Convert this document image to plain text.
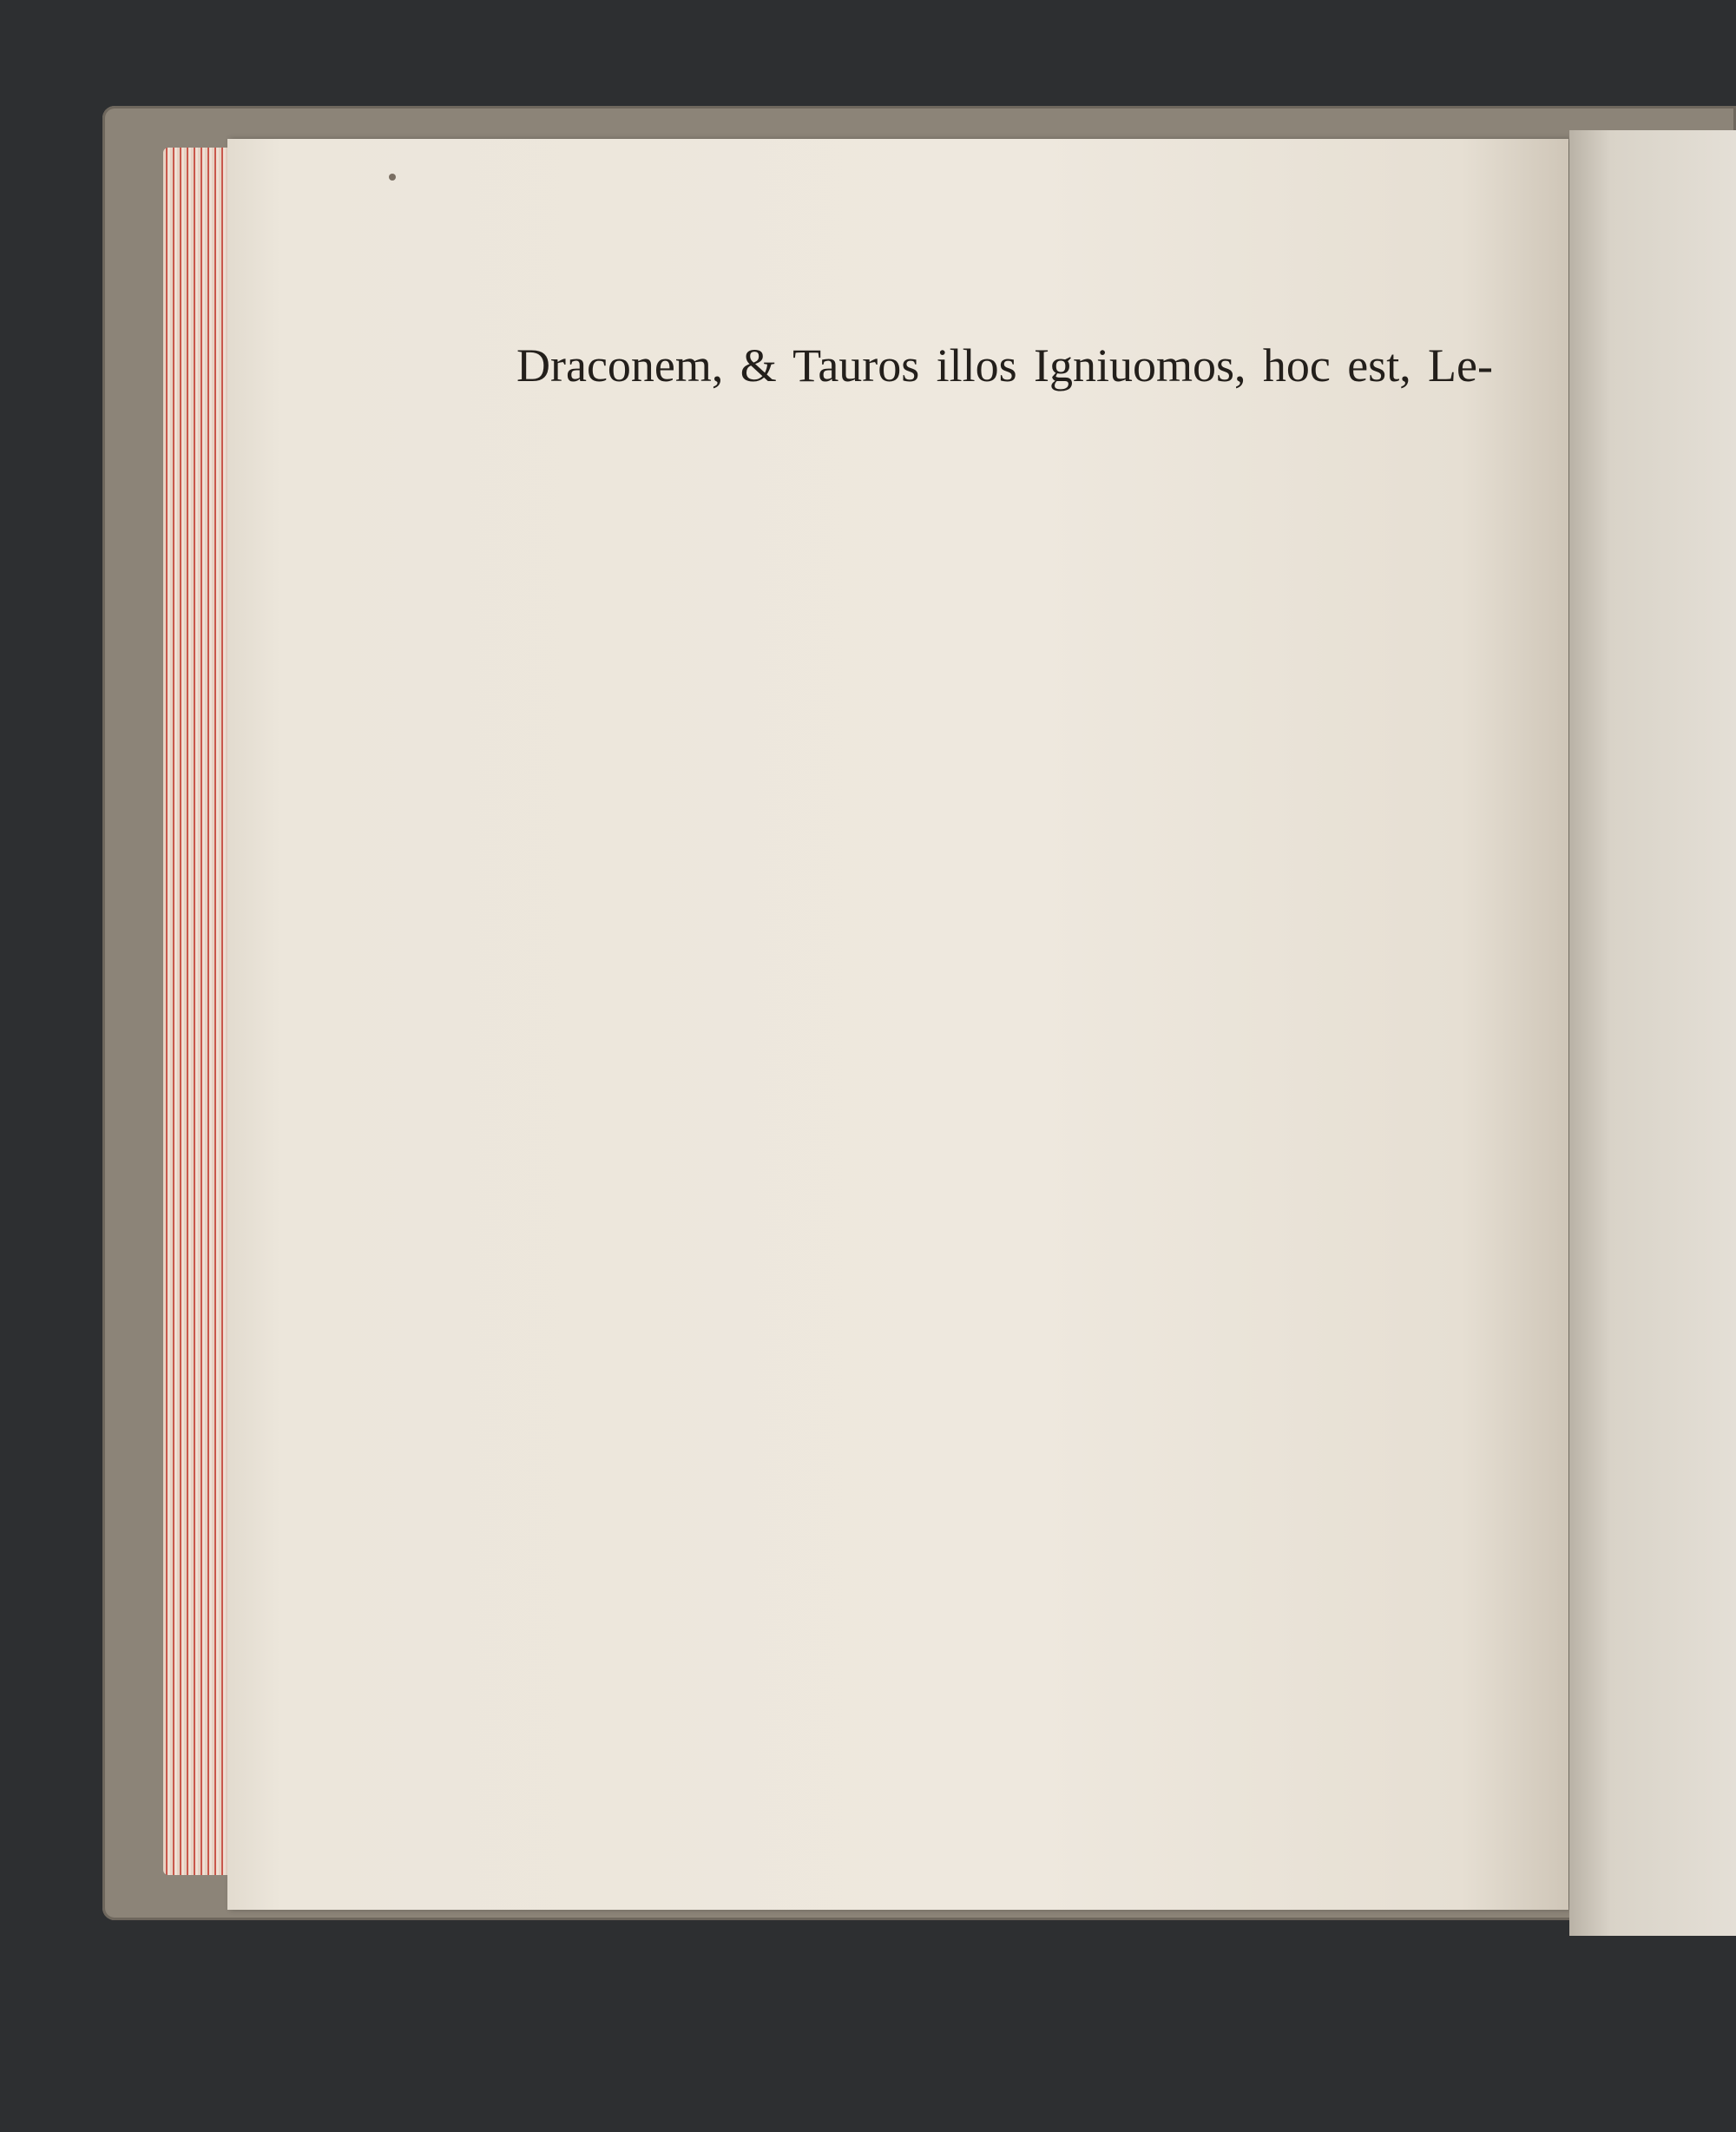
Draconem, & Tauros illos Igniuomos, hoc est, Le-
